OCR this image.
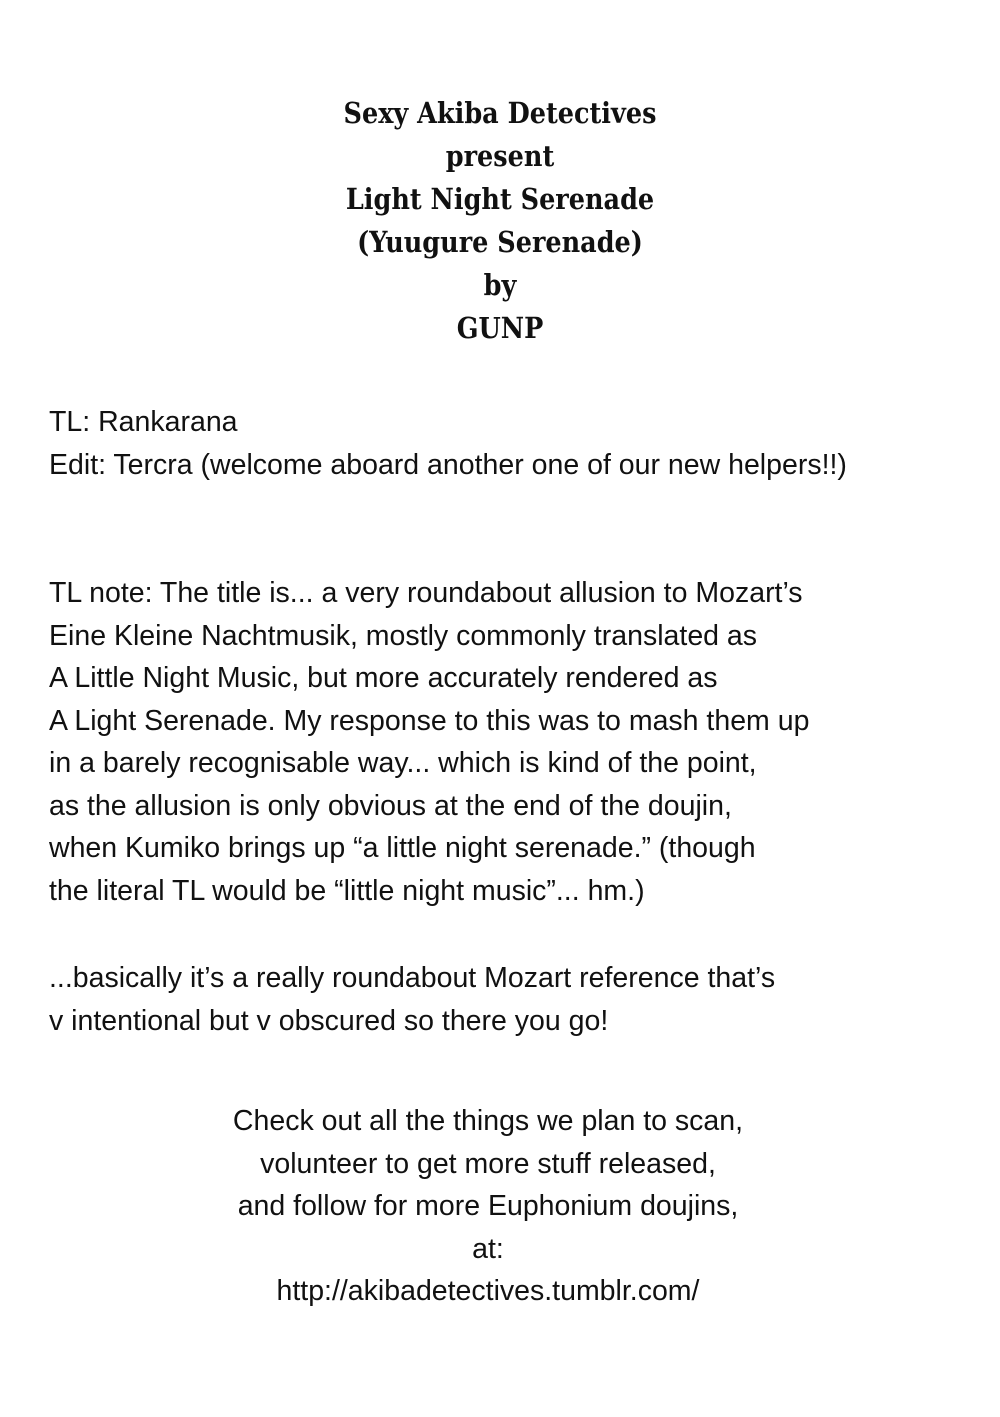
Sexy Akiba Detectives
present
Light Night Serenade
(Yuugure Serenade)
by
GUNP
TL: Rankarana
Edit: Tercra (welcome aboard another one of our new helpers!!)
TL note: The title is... a very roundabout allusion to Mozart’s
Eine Kleine Nachtmusik, mostly commonly translated as
A Little Night Music, but more accurately rendered as
A Light Serenade. My response to this was to mash them up
in a barely recognisable way... which is kind of the point,
as the allusion is only obvious at the end of the doujin,
when Kumiko brings up “a little night serenade.” (though
the literal TL would be “little night music”... hm.)
...basically it’s a really roundabout Mozart reference that’s
v intentional but v obscured so there you go!
Check out all the things we plan to scan,
volunteer to get more stuff released,
and follow for more Euphonium doujins,
at:
http://akibadetectives.tumblr.com/
